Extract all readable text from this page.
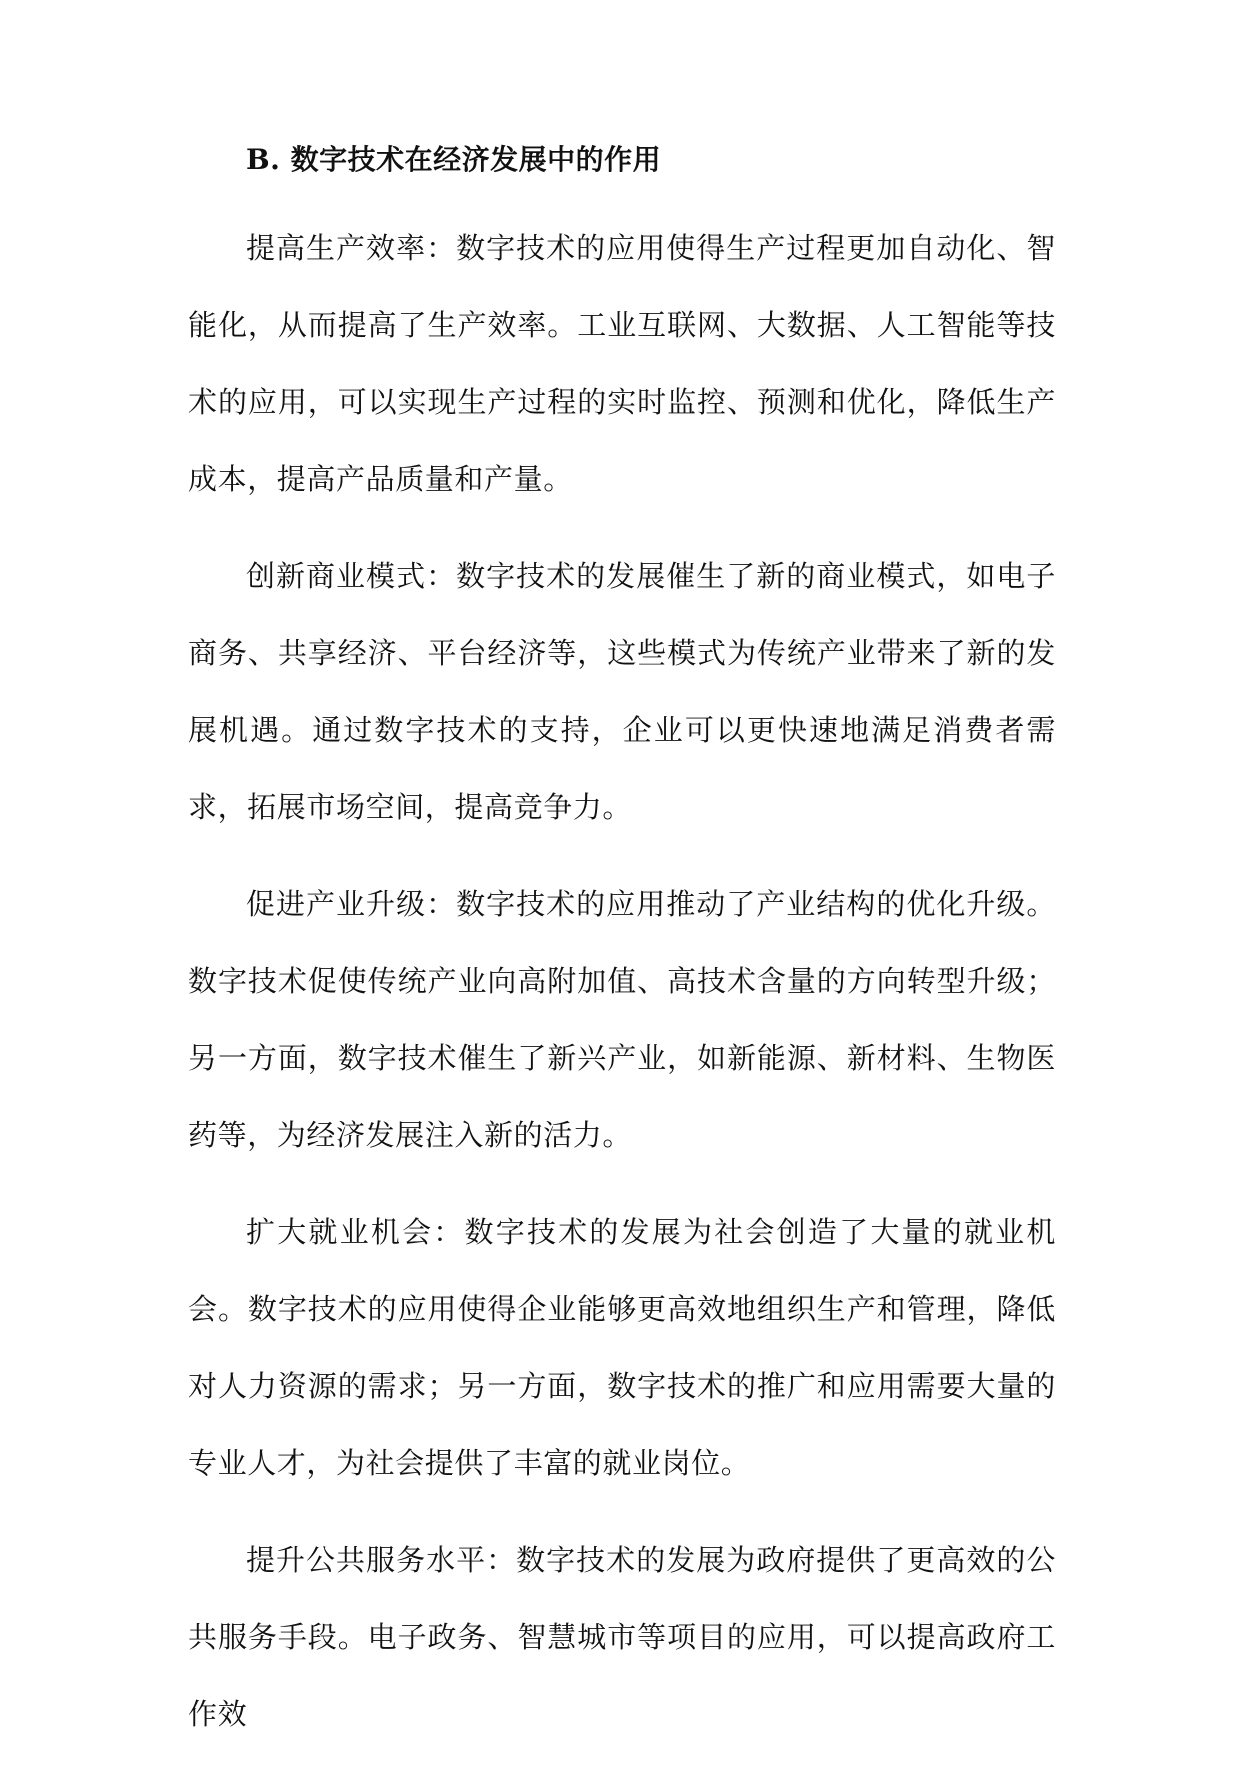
B. 数字技术在经济发展中的作用

提高生产效率：数字技术的应用使得生产过程更加自动化、智能化，从而提高了生产效率。工业互联网、大数据、人工智能等技术的应用，可以实现生产过程的实时监控、预测和优化，降低生产成本，提高产品质量和产量。

创新商业模式：数字技术的发展催生了新的商业模式，如电子商务、共享经济、平台经济等，这些模式为传统产业带来了新的发展机遇。通过数字技术的支持，企业可以更快速地满足消费者需求，拓展市场空间，提高竞争力。

促进产业升级：数字技术的应用推动了产业结构的优化升级。数字技术促使传统产业向高附加值、高技术含量的方向转型升级；另一方面，数字技术催生了新兴产业，如新能源、新材料、生物医药等，为经济发展注入新的活力。

扩大就业机会：数字技术的发展为社会创造了大量的就业机会。数字技术的应用使得企业能够更高效地组织生产和管理，降低对人力资源的需求；另一方面，数字技术的推广和应用需要大量的专业人才，为社会提供了丰富的就业岗位。

提升公共服务水平：数字技术的发展为政府提供了更高效的公共服务手段。电子政务、智慧城市等项目的应用，可以提高政府工作效
